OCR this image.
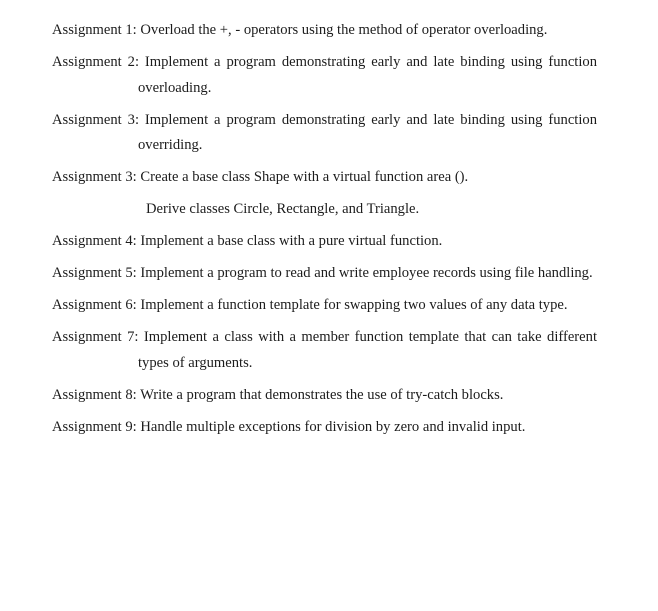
Assignment 1: Overload the +, - operators using the method of operator overloading.

Assignment 2: Implement a program demonstrating early and late binding using function overloading.

Assignment 3: Implement a program demonstrating early and late binding using function overriding.

Assignment 3: Create a base class Shape with a virtual function area ().

Derive classes Circle, Rectangle, and Triangle.

Assignment 4: Implement a base class with a pure virtual function.

Assignment 5: Implement a program to read and write employee records using file handling.

Assignment 6: Implement a function template for swapping two values of any data type.

Assignment 7: Implement a class with a member function template that can take different types of arguments.

Assignment 8: Write a program that demonstrates the use of try-catch blocks.

Assignment 9: Handle multiple exceptions for division by zero and invalid input.
